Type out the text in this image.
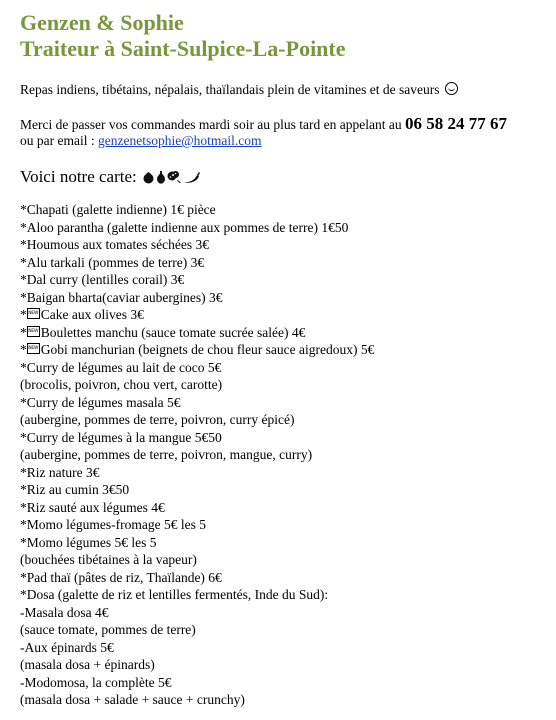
Genzen & Sophie
Traiteur à Saint-Sulpice-La-Pointe
Repas indiens, tibétains, népalais, thaïlandais plein de vitamines et de saveurs
Merci de passer vos commandes mardi soir au plus tard en appelant au 06 58 24 77 67
ou par email : genzenetsophie@hotmail.com
Voici notre carte:
*Chapati (galette indienne) 1€ pièce
*Aloo parantha (galette indienne aux pommes de terre) 1€50
*Houmous aux tomates séchées 3€
*Alu tarkali (pommes de terre) 3€
*Dal curry (lentilles corail) 3€
*Baigan bharta(caviar aubergines) 3€
*NEW Cake aux olives 3€
*NEW Boulettes manchu (sauce tomate sucrée salée) 4€
*NEW Gobi manchurian (beignets de chou fleur sauce aigredoux) 5€
*Curry de légumes au lait de coco 5€
(brocolis, poivron, chou vert, carotte)
*Curry de légumes masala 5€
(aubergine, pommes de terre, poivron, curry épicé)
*Curry de légumes à la mangue 5€50
(aubergine, pommes de terre, poivron, mangue, curry)
*Riz nature 3€
*Riz au cumin 3€50
*Riz sauté aux légumes 4€
*Momo légumes-fromage 5€ les 5
*Momo légumes 5€ les 5
(bouchées tibétaines à la vapeur)
*Pad thaï (pâtes de riz, Thaïlande) 6€
*Dosa (galette de riz et lentilles fermentés, Inde du Sud):
-Masala dosa 4€
(sauce tomate, pommes de terre)
-Aux épinards 5€
(masala dosa + épinards)
-Modomosa, la complète 5€
(masala dosa + salade + sauce + crunchy)
